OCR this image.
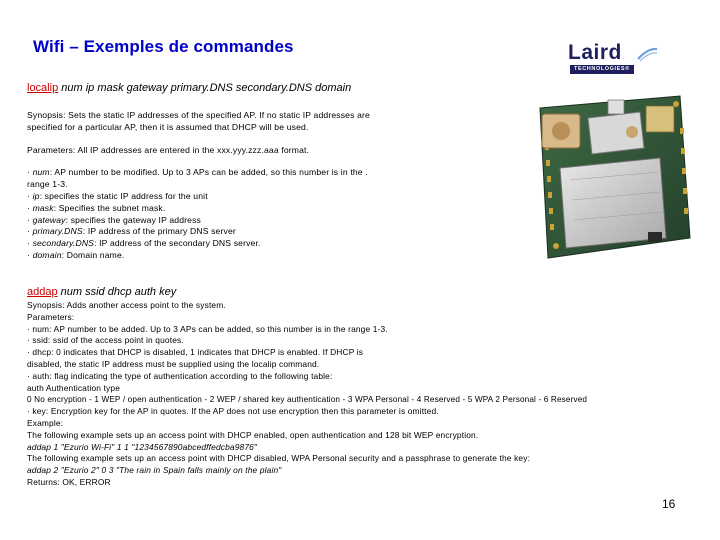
Wifi – Exemples de commandes	Laird
TECHNOLOGIES®

localip num ip mask gateway primary.DNS secondary.DNS domain

Synopsis: Sets the static IP addresses of the specified AP. If no static IP addresses are

specified for a particular AP, then it is assumed that DHCP will be used.

Parameters: All IP addresses are entered in the xxx.yyy.zzz.aaa format.

· num: AP number to be modified. Up to 3 APs can be added, so this number is in the .

range 1-3.

· ip: specifies the static IP address for the unit

· mask: Specifies the subnet mask.

· gateway: specifies the gateway IP address

· primary.DNS: IP address of the primary DNS server

· secondary.DNS: IP address of the secondary DNS server.

· domain: Domain name.

addap num ssid dhcp auth key

Synopsis: Adds another access point to the system.

Parameters:

· num: AP number to be added. Up to 3 APs can be added, so this number is in the range 1-3.

· ssid: ssid of the access point in quotes.

· dhcp: 0 indicates that DHCP is disabled, 1 indicates that DHCP is enabled. If DHCP is

disabled, the static IP address must be supplied using the localip command.

· auth: flag indicating the type of authentication according to the following table:

auth Authentication type

0 No encryption - 1 WEP / open authentication - 2 WEP / shared key authentication - 3 WPA Personal - 4 Reserved - 5 WPA 2 Personal - 6 Reserved

· key: Encryption key for the AP in quotes. If the AP does not use encryption then this parameter is omitted.

Example:

The following example sets up an access point with DHCP enabled, open authentication and 128 bit WEP encryption.

addap 1 "Ezurio Wi-Fi" 1 1 "1234567890abcedffedcba9876"

The following example sets up an access point with DHCP disabled, WPA Personal security and a passphrase to generate the key:

addap 2 "Ezurio 2" 0 3 "The rain in Spain falls mainly on the plain"

Returns: OK, ERROR

16
